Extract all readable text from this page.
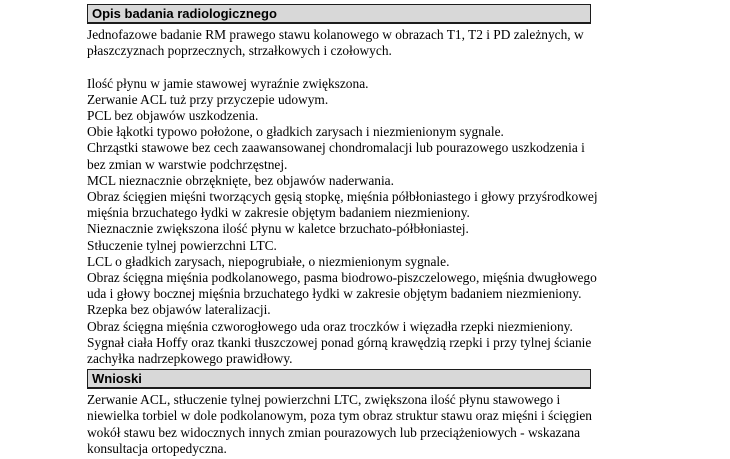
Opis badania radiologicznego

Jednofazowe badanie RM prawego stawu kolanowego w obrazach T1, T2 i PD zależnych, w płaszczyznach poprzecznych, strzałkowych i czołowych.

Ilość płynu w jamie stawowej wyraźnie zwiększona.

Zerwanie ACL tuż przy przyczepie udowym.

PCL bez objawów uszkodzenia.

Obie łąkotki typowo położone, o gładkich zarysach i niezmienionym sygnale.

Chrząstki stawowe bez cech zaawansowanej chondromalacji lub pourazowego uszkodzenia i bez zmian w warstwie podchrzęstnej.

MCL nieznacznie obrzęknięte, bez objawów naderwania.

Obraz ścięgien mięśni tworzących gęsią stopkę, mięśnia półbłoniastego i głowy przyśrodkowej mięśnia brzuchatego łydki w zakresie objętym badaniem niezmieniony.

Nieznacznie zwiększona ilość płynu w kaletce brzuchato-półbłoniastej.

Stłuczenie tylnej powierzchni LTC.

LCL o gładkich zarysach, niepogrubiałe, o niezmienionym sygnale.

Obraz ścięgna mięśnia podkolanowego, pasma biodrowo-piszczelowego, mięśnia dwugłowego uda i głowy bocznej mięśnia brzuchatego łydki w zakresie objętym badaniem niezmieniony.

Rzepka bez objawów lateralizacji.

Obraz ścięgna mięśnia czworogłowego uda oraz troczków i więzadła rzepki niezmieniony.

Sygnał ciała Hoffy oraz tkanki tłuszczowej ponad górną krawędzią rzepki i przy tylnej ścianie zachyłka nadrzepkowego prawidłowy.

Wnioski

Zerwanie ACL, stłuczenie tylnej powierzchni LTC, zwiększona ilość płynu stawowego i niewielka torbiel w dole podkolanowym, poza tym obraz struktur stawu oraz mięśni i ścięgien wokół stawu bez widocznych innych zmian pourazowych lub przeciążeniowych - wskazana konsultacja ortopedyczna.
